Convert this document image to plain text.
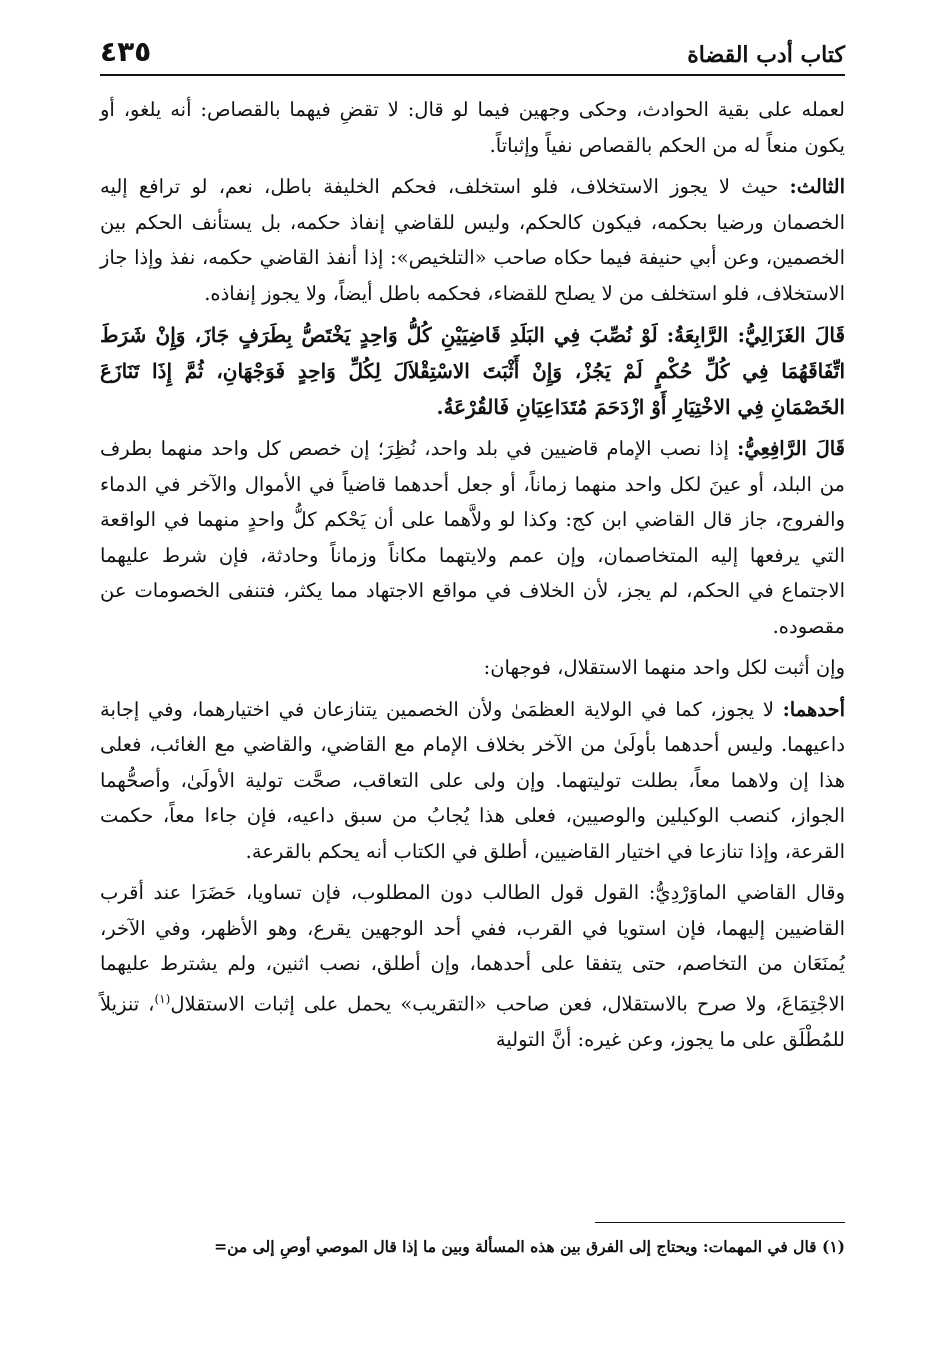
كتاب أدب القضاة
٤٣٥

لعمله على بقية الحوادث، وحكى وجهين فيما لو قال: لا تقضِ فيهما بالقصاص: أنه يلغو، أو يكون منعاً له من الحكم بالقصاص نفياً وإثباتاً.

الثالث: حيث لا يجوز الاستخلاف، فلو استخلف، فحكم الخليفة باطل، نعم، لو ترافع إليه الخصمان ورضيا بحكمه، فيكون كالحكم، وليس للقاضي إنفاذ حكمه، بل يستأنف الحكم بين الخصمين، وعن أبي حنيفة فيما حكاه صاحب «التلخيص»: إذا أنفذ القاضي حكمه، نفذ وإذا جاز الاستخلاف، فلو استخلف من لا يصلح للقضاء، فحكمه باطل أيضاً، ولا يجوز إنفاذه.

قَالَ الغَزَالِيُّ: الرَّابِعَةُ: لَوْ نُصِّبَ فِي البَلَدِ قَاضِيَيْنِ كُلُّ وَاحِدٍ يَخْتَصُّ بِطَرَفٍ جَازَ، وَإِنْ شَرَطَ اتِّفَاقَهُمَا فِي كُلِّ حُكْمٍ لَمْ يَجُزْ، وَإِنْ أَثْبَتَ الاسْتِقْلاَلَ لِكُلِّ وَاحِدٍ فَوَجْهَانِ، ثُمَّ إِذَا تَنَازَعَ الخَصْمَانِ فِي الاخْتِيَارِ أَوْ ازْدَحَمَ مُتَدَاعِيَانِ فَالقُرْعَةُ.

قَالَ الرَّافِعِيُّ: إذا نصب الإمام قاضيين في بلد واحد، نُظِرَ؛ إن خصص كل واحد منهما بطرف من البلد، أو عينَ لكل واحد منهما زماناً، أو جعل أحدهما قاضياً في الأموال والآخر في الدماء والفروج، جاز قال القاضي ابن كج: وكذا لو ولاَّهما على أن يَحْكم كلُّ واحدٍ منهما في الواقعة التي يرفعها إليه المتخاصمان، وإن عمم ولايتهما مكاناً وزماناً وحادثة، فإن شرط عليهما الاجتماع في الحكم، لم يجز، لأن الخلاف في مواقع الاجتهاد مما يكثر، فتنفى الخصومات عن مقصوده.

وإن أثبت لكل واحد منهما الاستقلال، فوجهان:

أحدهما: لا يجوز، كما في الولاية العظمَىٰ ولأن الخصمين يتنازعان في اختيارهما، وفي إجابة داعيهما. وليس أحدهما بأولَىٰ من الآخر بخلاف الإمام مع القاضي، والقاضي مع الغائب، فعلى هذا إن ولاهما معاً، بطلت توليتهما. وإن ولى على التعاقب، صحَّت تولية الأولَىٰ، وأصحُّهما الجواز، كنصب الوكيلين والوصيين، فعلى هذا يُجابُ من سبق داعيه، فإن جاءا معاً، حكمت القرعة، وإذا تنازعا في اختيار القاضيين، أطلق في الكتاب أنه يحكم بالقرعة.

وقال القاضي الماوَرْدِيُّ: القول قول الطالب دون المطلوب، فإن تساويا، حَضَرَا عند أقرب القاضيين إليهما، فإن استويا في القرب، ففي أحد الوجهين يقرع، وهو الأظهر، وفي الآخر، يُمنَعَان من التخاصم، حتى يتفقا على أحدهما، وإن أطلق، نصب اثنين، ولم يشترط عليهما الاجْتِمَاعَ، ولا صرح بالاستقلال، فعن صاحب «التقريب» يحمل على إثبات الاستقلال$^{(١)}$، تنزيلاً للمُطْلَق على ما يجوز، وعن غيره: أنَّ التولية

(١) قال في المهمات: ويحتاج إلى الفرق بين هذه المسألة وبين ما إذا قال الموصي أوصِ إلى من=
